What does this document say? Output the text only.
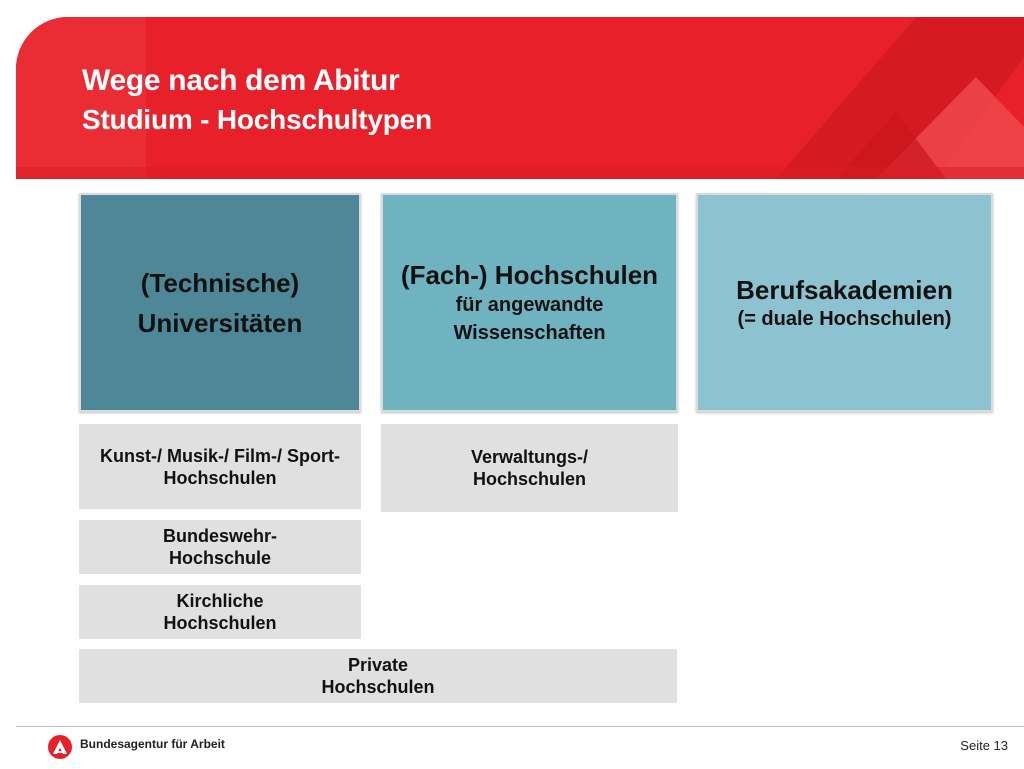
Wege nach dem Abitur
Studium - Hochschultypen
(Technische)
Universitäten
(Fach-) Hochschulen
für angewandte
Wissenschaften
Berufsakademien
(= duale Hochschulen)
Kunst-/ Musik-/ Film-/ Sport-
Hochschulen
Verwaltungs-/
Hochschulen
Bundeswehr-
Hochschule
Kirchliche
Hochschulen
Private
Hochschulen

Bundesagentur für Arbeit	Seite 13
